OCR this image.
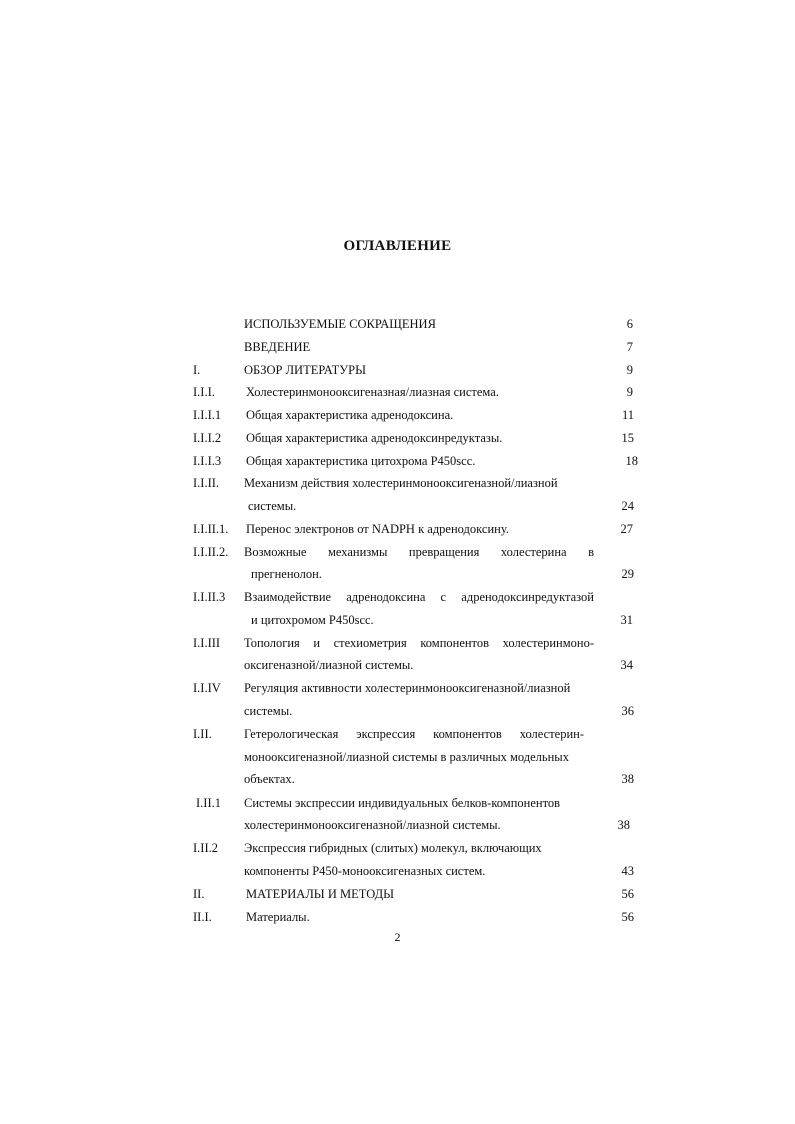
ОГЛАВЛЕНИЕ
ИСПОЛЬЗУЕМЫЕ СОКРАЩЕНИЯ	6
ВВЕДЕНИЕ	7
I.	ОБЗОР ЛИТЕРАТУРЫ	9
I.I.I. Холестеринмонооксигеназная/лиазная система.	9
I.I.I.1 Общая характеристика адренодоксина.	11
I.I.I.2 Общая характеристика адренодоксинредуктазы.	15
I.I.I.3 Общая характеристика цитохрома P450scc.	18
I.I.II. Механизм действия холестеринмонооксигеназной/лиазной
системы.	24
I.I.II.1. Перенос электронов от NADPH к адренодоксину.	27
I.I.II.2. Возможные механизмы превращения холестерина в
прегненолон.	29
I.I.II.3 Взаимодействие адренодоксина с адренодоксинредуктазой
и цитохромом P450scc.	31
I.I.III Топология и стехиометрия компонентов холестеринмоно-
оксигеназной/лиазной системы.	34
I.I.IV Регуляция активности холестеринмонооксигеназной/лиазной
системы.	36
I.II.	Гетерологическая экспрессия компонентов холестерин-
монооксигеназной/лиазной системы в различных модельных
объектах.	38
I.II.1 Системы экспрессии индивидуальных белков-компонентов
холестеринмонооксигеназной/лиазной системы.	38
I.II.2 Экспрессия гибридных (слитых) молекул, включающих
компоненты P450-монооксигеназных систем.	43
II.	МАТЕРИАЛЫ И МЕТОДЫ	56
II.I.	Материалы.	56
2
